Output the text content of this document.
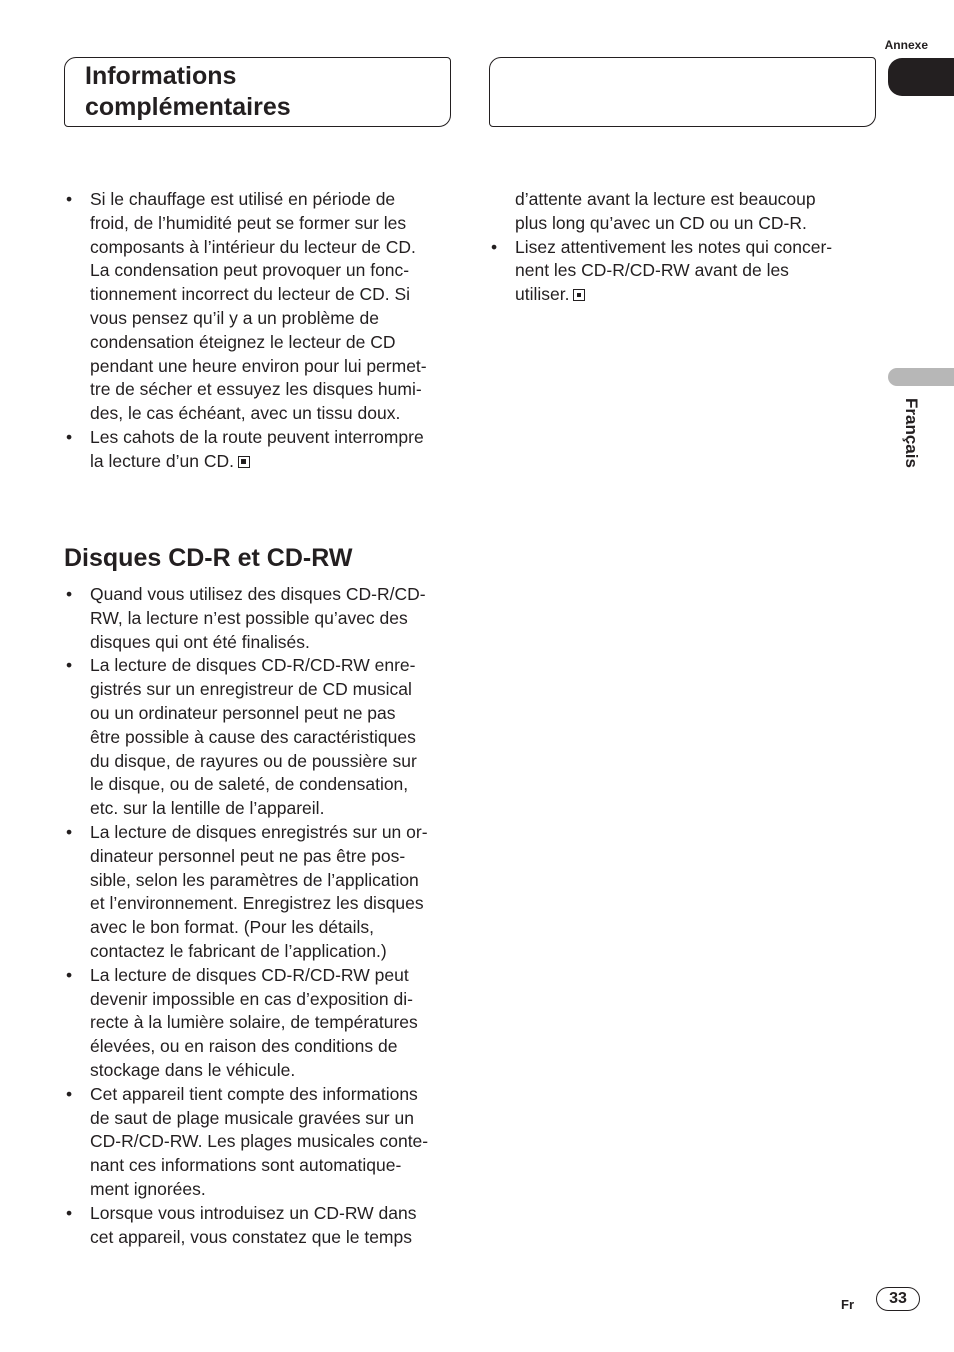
Annexe
Informations
complémentaires
• Si le chauffage est utilisé en période de
froid, de l’humidité peut se former sur les
composants à l’intérieur du lecteur de CD.
La condensation peut provoquer un fonc-
tionnement incorrect du lecteur de CD. Si
vous pensez qu’il y a un problème de
condensation éteignez le lecteur de CD
pendant une heure environ pour lui permet-
tre de sécher et essuyez les disques humi-
des, le cas échéant, avec un tissu doux.
• Les cahots de la route peuvent interrompre
la lecture d’un CD.
Disques CD-R et CD-RW
• Quand vous utilisez des disques CD-R/CD-
RW, la lecture n’est possible qu’avec des
disques qui ont été finalisés.
• La lecture de disques CD-R/CD-RW enre-
gistrés sur un enregistreur de CD musical
ou un ordinateur personnel peut ne pas
être possible à cause des caractéristiques
du disque, de rayures ou de poussière sur
le disque, ou de saleté, de condensation,
etc. sur la lentille de l’appareil.
• La lecture de disques enregistrés sur un or-
dinateur personnel peut ne pas être pos-
sible, selon les paramètres de l’application
et l’environnement. Enregistrez les disques
avec le bon format. (Pour les détails,
contactez le fabricant de l’application.)
• La lecture de disques CD-R/CD-RW peut
devenir impossible en cas d’exposition di-
recte à la lumière solaire, de températures
élevées, ou en raison des conditions de
stockage dans le véhicule.
• Cet appareil tient compte des informations
de saut de plage musicale gravées sur un
CD-R/CD-RW. Les plages musicales conte-
nant ces informations sont automatique-
ment ignorées.
• Lorsque vous introduisez un CD-RW dans
cet appareil, vous constatez que le temps
d’attente avant la lecture est beaucoup
plus long qu’avec un CD ou un CD-R.
• Lisez attentivement les notes qui concer-
nent les CD-R/CD-RW avant de les
utiliser.
Français
Fr	33
